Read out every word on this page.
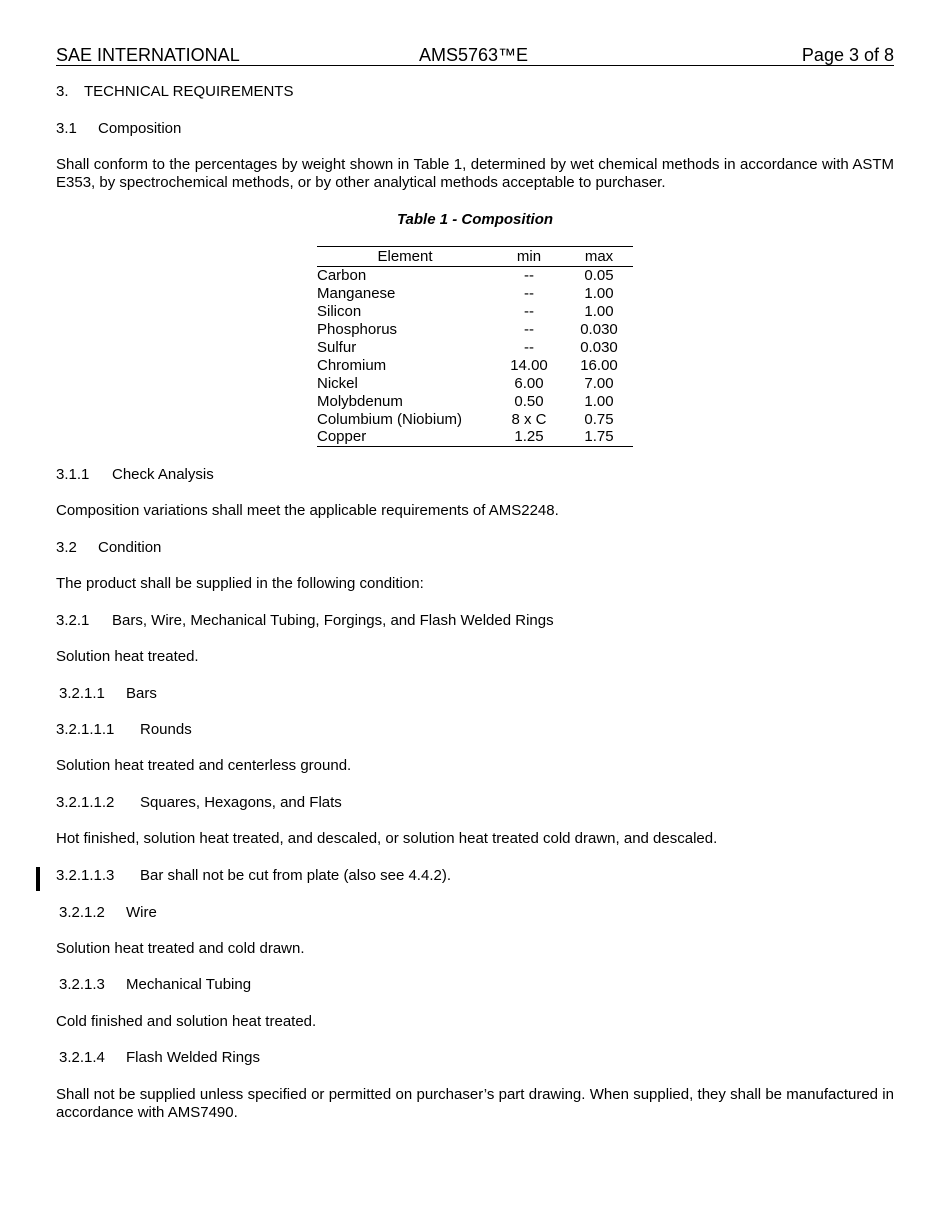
SAE INTERNATIONAL	AMS5763™E	Page 3 of 8
3. TECHNICAL REQUIREMENTS
3.1 Composition
Shall conform to the percentages by weight shown in Table 1, determined by wet chemical methods in accordance with ASTM E353, by spectrochemical methods, or by other analytical methods acceptable to purchaser.
Table 1 - Composition
Element	min	max
Carbon	--	0.05
Manganese	--	1.00
Silicon	--	1.00
Phosphorus	--	0.030
Sulfur	--	0.030
Chromium	14.00	16.00
Nickel	6.00	7.00
Molybdenum	0.50	1.00
Columbium (Niobium)	8 x C	0.75
Copper	1.25	1.75
3.1.1 Check Analysis
Composition variations shall meet the applicable requirements of AMS2248.
3.2 Condition
The product shall be supplied in the following condition:
3.2.1 Bars, Wire, Mechanical Tubing, Forgings, and Flash Welded Rings
Solution heat treated.
3.2.1.1 Bars
3.2.1.1.1 Rounds
Solution heat treated and centerless ground.
3.2.1.1.2 Squares, Hexagons, and Flats
Hot finished, solution heat treated, and descaled, or solution heat treated cold drawn, and descaled.
3.2.1.1.3 Bar shall not be cut from plate (also see 4.4.2).
3.2.1.2 Wire
Solution heat treated and cold drawn.
3.2.1.3 Mechanical Tubing
Cold finished and solution heat treated.
3.2.1.4 Flash Welded Rings
Shall not be supplied unless specified or permitted on purchaser’s part drawing. When supplied, they shall be manufactured in accordance with AMS7490.
